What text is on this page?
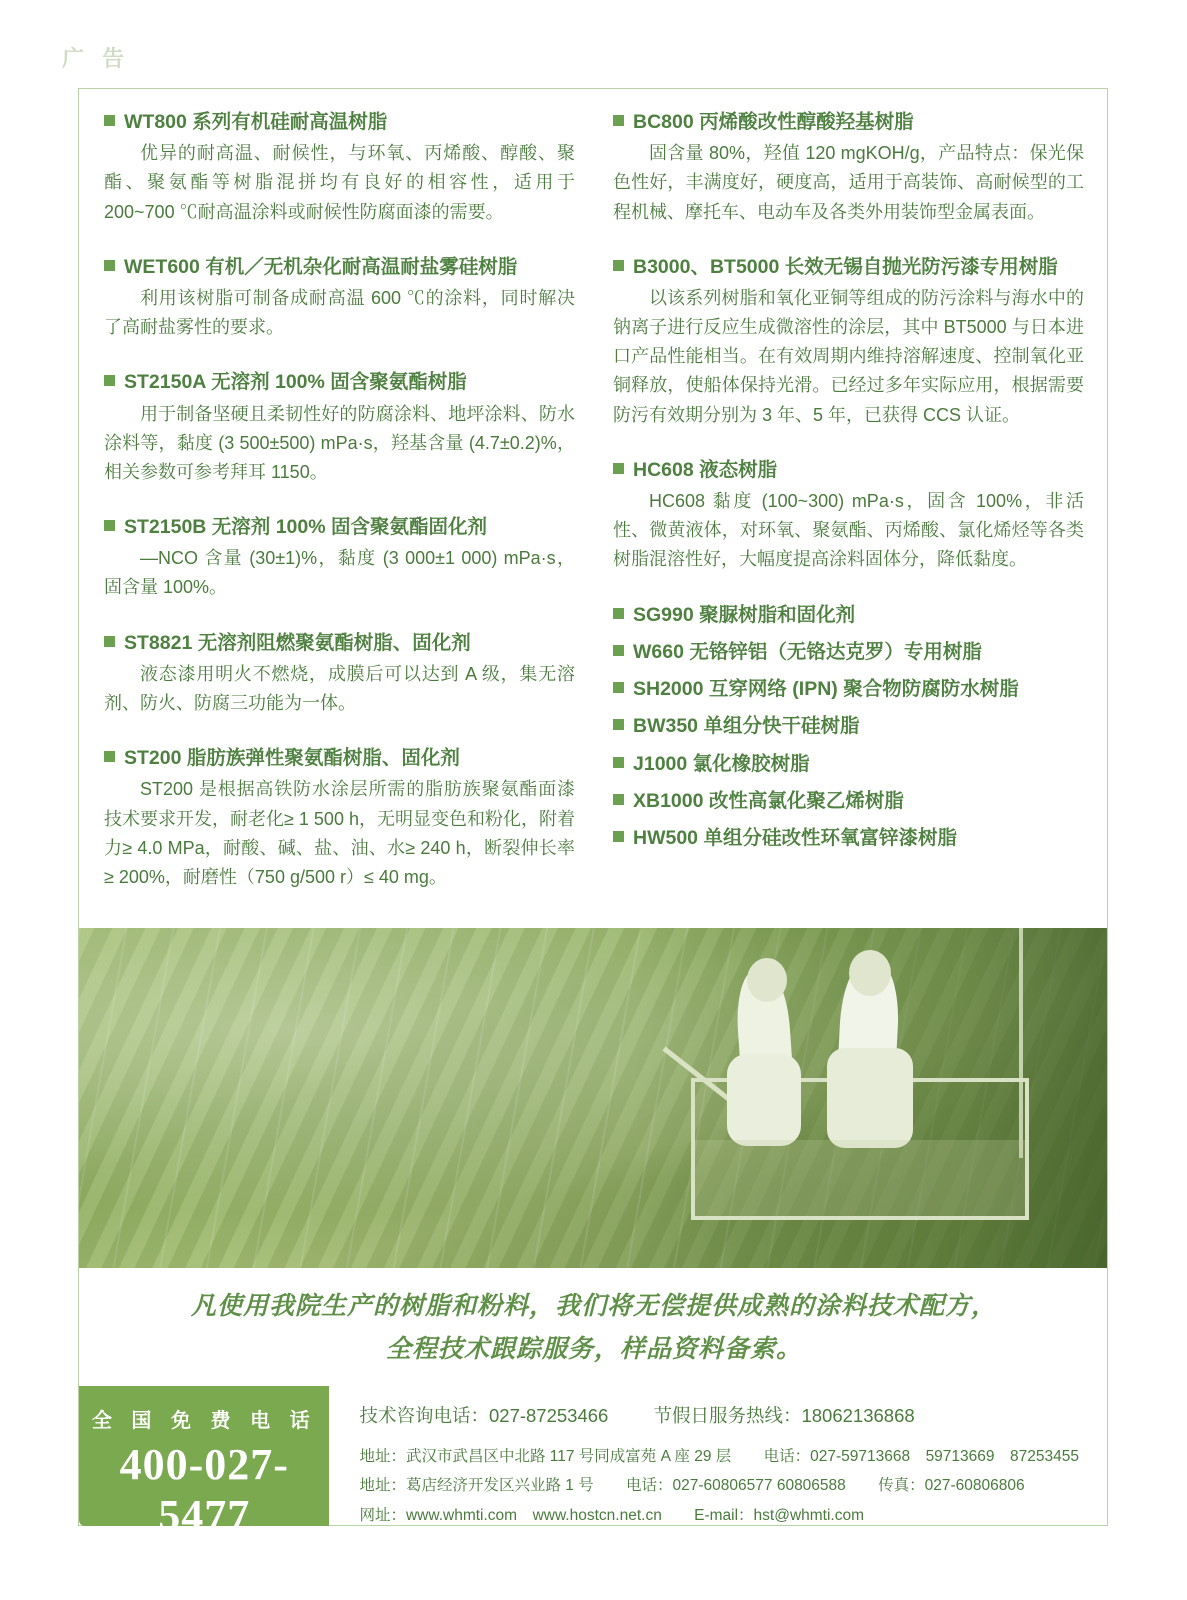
广 告
WT800 系列有机硅耐高温树脂
优异的耐高温、耐候性，与环氧、丙烯酸、醇酸、聚酯、聚氨酯等树脂混拼均有良好的相容性，适用于 200~700 ℃耐高温涂料或耐候性防腐面漆的需要。
WET600 有机／无机杂化耐高温耐盐雾硅树脂
利用该树脂可制备成耐高温 600 ℃的涂料，同时解决了高耐盐雾性的要求。
ST2150A 无溶剂 100% 固含聚氨酯树脂
用于制备坚硬且柔韧性好的防腐涂料、地坪涂料、防水涂料等，黏度 (3 500±500) mPa·s，羟基含量 (4.7±0.2)%，相关参数可参考拜耳 1150。
ST2150B 无溶剂 100% 固含聚氨酯固化剂
—NCO 含量 (30±1)%，黏度 (3 000±1 000) mPa·s，固含量 100%。
ST8821 无溶剂阻燃聚氨酯树脂、固化剂
液态漆用明火不燃烧，成膜后可以达到 A 级，集无溶剂、防火、防腐三功能为一体。
ST200 脂肪族弹性聚氨酯树脂、固化剂
ST200 是根据高铁防水涂层所需的脂肪族聚氨酯面漆技术要求开发，耐老化≥ 1 500 h，无明显变色和粉化，附着力≥ 4.0 MPa，耐酸、碱、盐、油、水≥ 240 h，断裂伸长率≥ 200%，耐磨性（750 g/500 r）≤ 40 mg。
BC800 丙烯酸改性醇酸羟基树脂
固含量 80%，羟值 120 mgKOH/g，产品特点：保光保色性好，丰满度好，硬度高，适用于高装饰、高耐候型的工程机械、摩托车、电动车及各类外用装饰型金属表面。
B3000、BT5000 长效无锡自抛光防污漆专用树脂
以该系列树脂和氧化亚铜等组成的防污涂料与海水中的钠离子进行反应生成微溶性的涂层，其中 BT5000 与日本进口产品性能相当。在有效周期内维持溶解速度、控制氧化亚铜释放，使船体保持光滑。已经过多年实际应用，根据需要防污有效期分别为 3 年、5 年，已获得 CCS 认证。
HC608 液态树脂
HC608 黏度 (100~300) mPa·s，固含 100%，非活性、微黄液体，对环氧、聚氨酯、丙烯酸、氯化烯烃等各类树脂混溶性好，大幅度提高涂料固体分，降低黏度。
SG990 聚脲树脂和固化剂
W660 无铬锌铝（无铬达克罗）专用树脂
SH2000 互穿网络 (IPN) 聚合物防腐防水树脂
BW350 单组分快干硅树脂
J1000 氯化橡胶树脂
XB1000 改性高氯化聚乙烯树脂
HW500 单组分硅改性环氧富锌漆树脂
凡使用我院生产的树脂和粉料，我们将无偿提供成熟的涂料技术配方，
全程技术跟踪服务，样品资料备索。
全 国 免 费 电 话
400-027-5477
技术咨询电话：027-87253466 节假日服务热线：18062136868
地址：武汉市武昌区中北路 117 号同成富苑 A 座 29 层 电话：027-59713668　59713669　87253455
地址：葛店经济开发区兴业路 1 号 电话：027-60806577 60806588 传真：027-60806806
网址：www.whmti.com　www.hostcn.net.cn E-mail：hst@whmti.com
